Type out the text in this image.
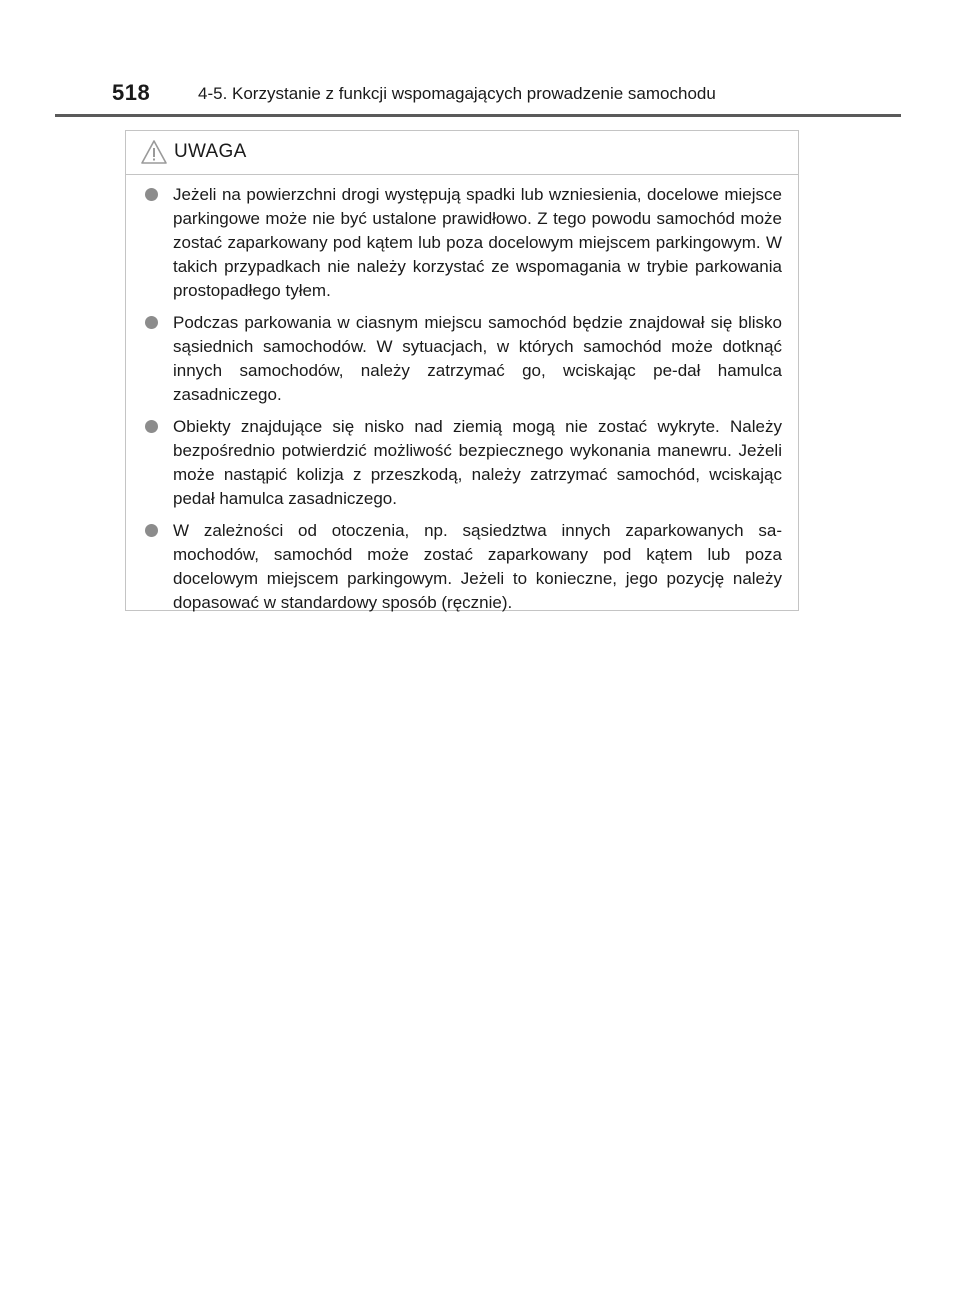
518	4-5. Korzystanie z funkcji wspomagających prowadzenie samochodu
UWAGA
Jeżeli na powierzchni drogi występują spadki lub wzniesienia, docelowe miejsce parkingowe może nie być ustalone prawidłowo. Z tego powodu samochód może zostać zaparkowany pod kątem lub poza docelowym miejscem parkingowym. W takich przypadkach nie należy korzystać ze wspomagania w trybie parkowania prostopadłego tyłem.
Podczas parkowania w ciasnym miejscu samochód będzie znajdował się blisko sąsiednich samochodów. W sytuacjach, w których samochód może dotknąć innych samochodów, należy zatrzymać go, wciskając pe-dał hamulca zasadniczego.
Obiekty znajdujące się nisko nad ziemią mogą nie zostać wykryte. Należy bezpośrednio potwierdzić możliwość bezpiecznego wykonania manewru. Jeżeli może nastąpić kolizja z przeszkodą, należy zatrzymać samochód, wciskając pedał hamulca zasadniczego.
W zależności od otoczenia, np. sąsiedztwa innych zaparkowanych sa-mochodów, samochód może zostać zaparkowany pod kątem lub poza docelowym miejscem parkingowym. Jeżeli to konieczne, jego pozycję należy dopasować w standardowy sposób (ręcznie).
